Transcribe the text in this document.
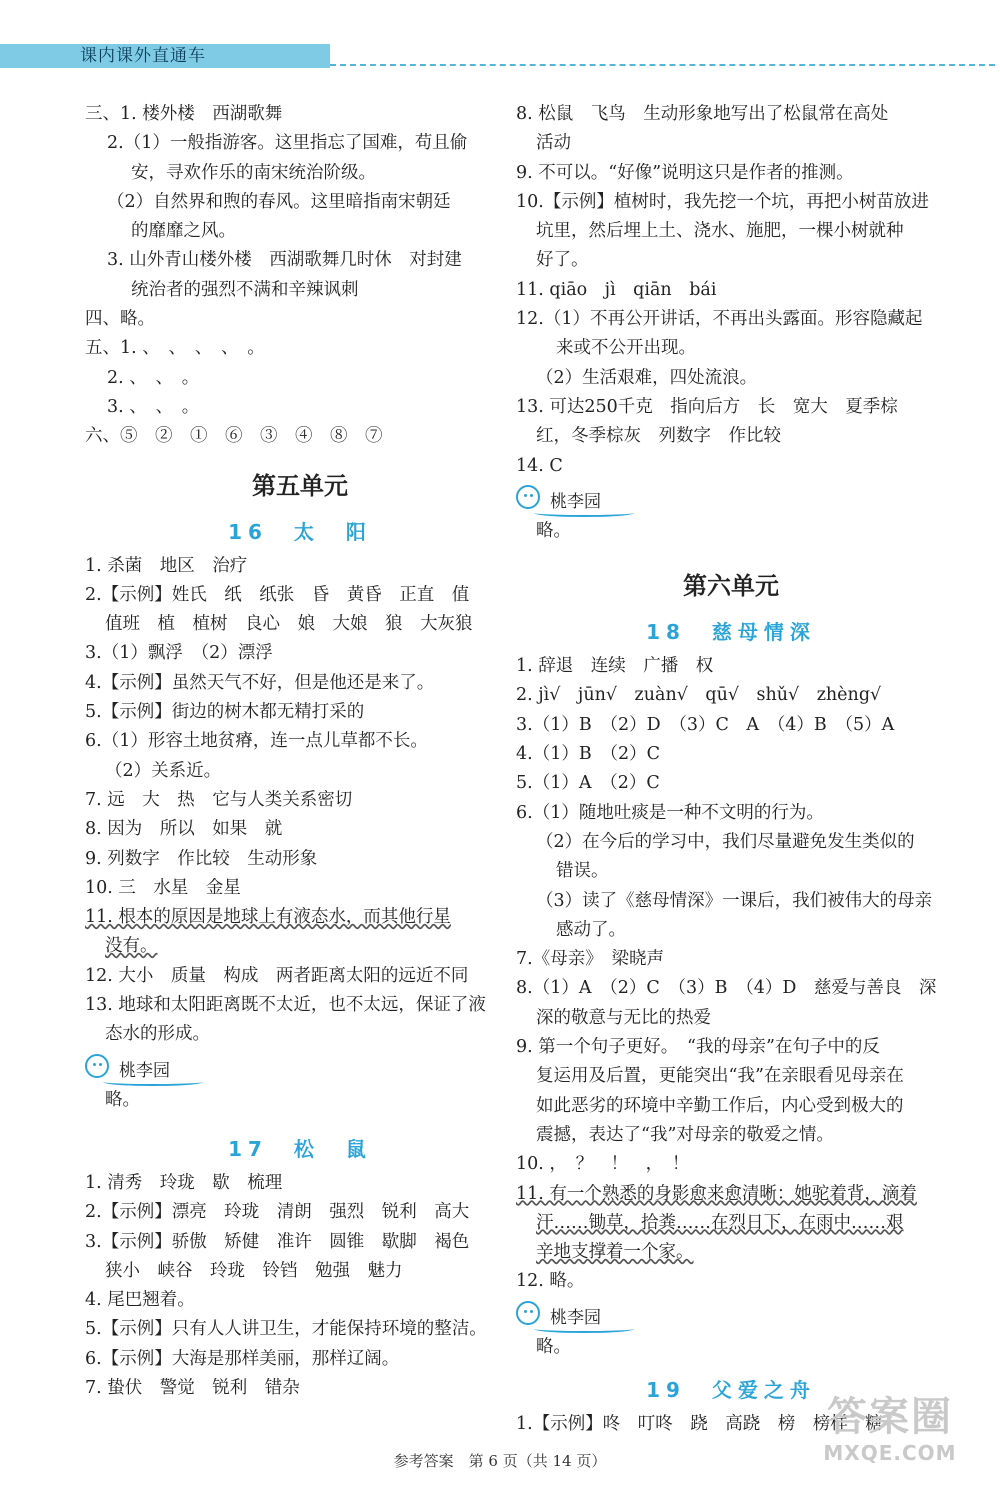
课内课外直通车
三、1. 楼外楼　西湖歌舞
2.（1）一般指游客。这里指忘了国难，苟且偷
安，寻欢作乐的南宋统治阶级。
（2）自然界和煦的春风。这里暗指南宋朝廷
的靡靡之风。
3. 山外青山楼外楼　西湖歌舞几时休　对封建
统治者的强烈不满和辛辣讽刺
四、略。
五、1. 、　、　、　、　。
2. 、　、　。
3. 、　、　。
六、⑤　②　①　⑥　③　④　⑧　⑦
第五单元
16　太　阳
1. 杀菌　地区　治疗
2.【示例】姓氏　纸　纸张　昏　黄昏　正直　值
值班　植　植树　良心　娘　大娘　狼　大灰狼
3.（1）飘浮　（2）漂浮
4.【示例】虽然天气不好，但是他还是来了。
5.【示例】街边的树木都无精打采的
6.（1）形容土地贫瘠，连一点儿草都不长。
（2）关系近。
7. 远　大　热　它与人类关系密切
8. 因为　所以　如果　就
9. 列数字　作比较　生动形象
10. 三　水星　金星
11. 根本的原因是地球上有液态水，而其他行星
没有。
12. 大小　质量　构成　两者距离太阳的远近不同
13. 地球和太阳距离既不太近，也不太远，保证了液
态水的形成。
桃李园
略。
17　松　鼠
1. 清秀　玲珑　歇　梳理
2.【示例】漂亮　玲珑　清朗　强烈　锐利　高大
3.【示例】骄傲　矫健　准许　圆锥　歇脚　褐色
狭小　峡谷　玲珑　铃铛　勉强　魅力
4. 尾巴翘着。
5.【示例】只有人人讲卫生，才能保持环境的整洁。
6.【示例】大海是那样美丽，那样辽阔。
7. 蛰伏　警觉　锐利　错杂
8. 松鼠　飞鸟　生动形象地写出了松鼠常在高处
活动
9. 不可以。“好像”说明这只是作者的推测。
10.【示例】植树时，我先挖一个坑，再把小树苗放进
坑里，然后埋上土、浇水、施肥，一棵小树就种
好了。
11. qiāo　jì　qiān　bái
12.（1）不再公开讲话，不再出头露面。形容隐藏起
来或不公开出现。
（2）生活艰难，四处流浪。
13. 可达250千克　指向后方　长　宽大　夏季棕
红，冬季棕灰　列数字　作比较
14. C
桃李园
略。
第六单元
18　慈母情深
1. 辞退　连续　广播　权
2. jì√　jūn√　zuàn√　qū√　shǔ√　zhèng√
3.（1）B　（2）D　（3）C　A　（4）B　（5）A
4.（1）B　（2）C
5.（1）A　（2）C
6.（1）随地吐痰是一种不文明的行为。
（2）在今后的学习中，我们尽量避免发生类似的
错误。
（3）读了《慈母情深》一课后，我们被伟大的母亲
感动了。
7.《母亲》　梁晓声
8.（1）A　（2）C　（3）B　（4）D　慈爱与善良　深
深的敬意与无比的热爱
9. 第一个句子更好。　“我的母亲”在句子中的反
复运用及后置，更能突出“我”在亲眼看见母亲在
如此恶劣的环境中辛勤工作后，内心受到极大的
震撼，表达了“我”对母亲的敬爱之情。
10. ，　？　！　，　！
11. 有一个熟悉的身影愈来愈清晰：她驼着背，滴着
汗……锄草，拾粪……在烈日下，在雨中……艰
辛地支撑着一个家。
12. 略。
桃李园
略。
19　父爱之舟
1.【示例】咚　叮咚　跷　高跷　榜　榜样　糖
参考答案　第 6 页（共 14 页）
答案圈
MXQE.COM
